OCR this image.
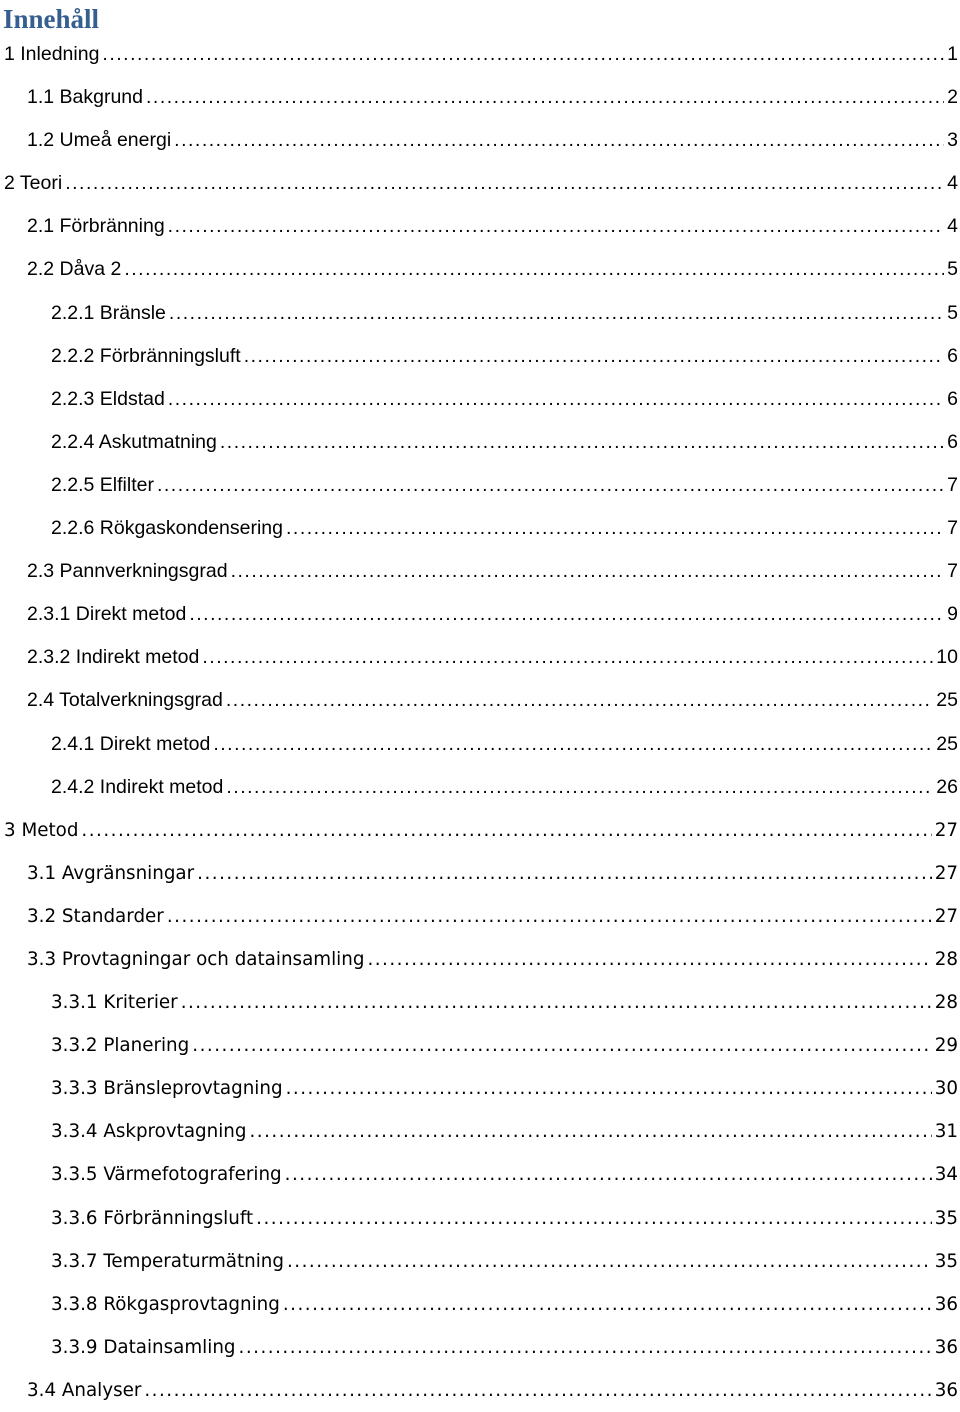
Innehåll
1 Inledning .....	1
1.1 Bakgrund .....	2
1.2 Umeå energi .....	3
2 Teori .....	4
2.1 Förbränning .....	4
2.2 Dåva 2 .....	5
2.2.1 Bränsle .....	5
2.2.2 Förbränningsluft .....	6
2.2.3 Eldstad .....	6
2.2.4 Askutmatning .....	6
2.2.5 Elfilter .....	7
2.2.6 Rökgaskondensering .....	7
2.3 Pannverkningsgrad .....	7
2.3.1 Direkt metod .....	9
2.3.2 Indirekt metod .....	10
2.4 Totalverkningsgrad .....	25
2.4.1 Direkt metod .....	25
2.4.2 Indirekt metod .....	26
3 Metod .....	27
3.1 Avgränsningar .....	27
3.2 Standarder .....	27
3.3 Provtagningar och datainsamling .....	28
3.3.1 Kriterier .....	28
3.3.2 Planering .....	29
3.3.3 Bränsleprovtagning .....	30
3.3.4 Askprovtagning .....	31
3.3.5 Värmefotografering .....	34
3.3.6 Förbränningsluft .....	35
3.3.7 Temperaturmätning .....	35
3.3.8 Rökgasprovtagning .....	36
3.3.9 Datainsamling .....	36
3.4 Analyser .....	36
